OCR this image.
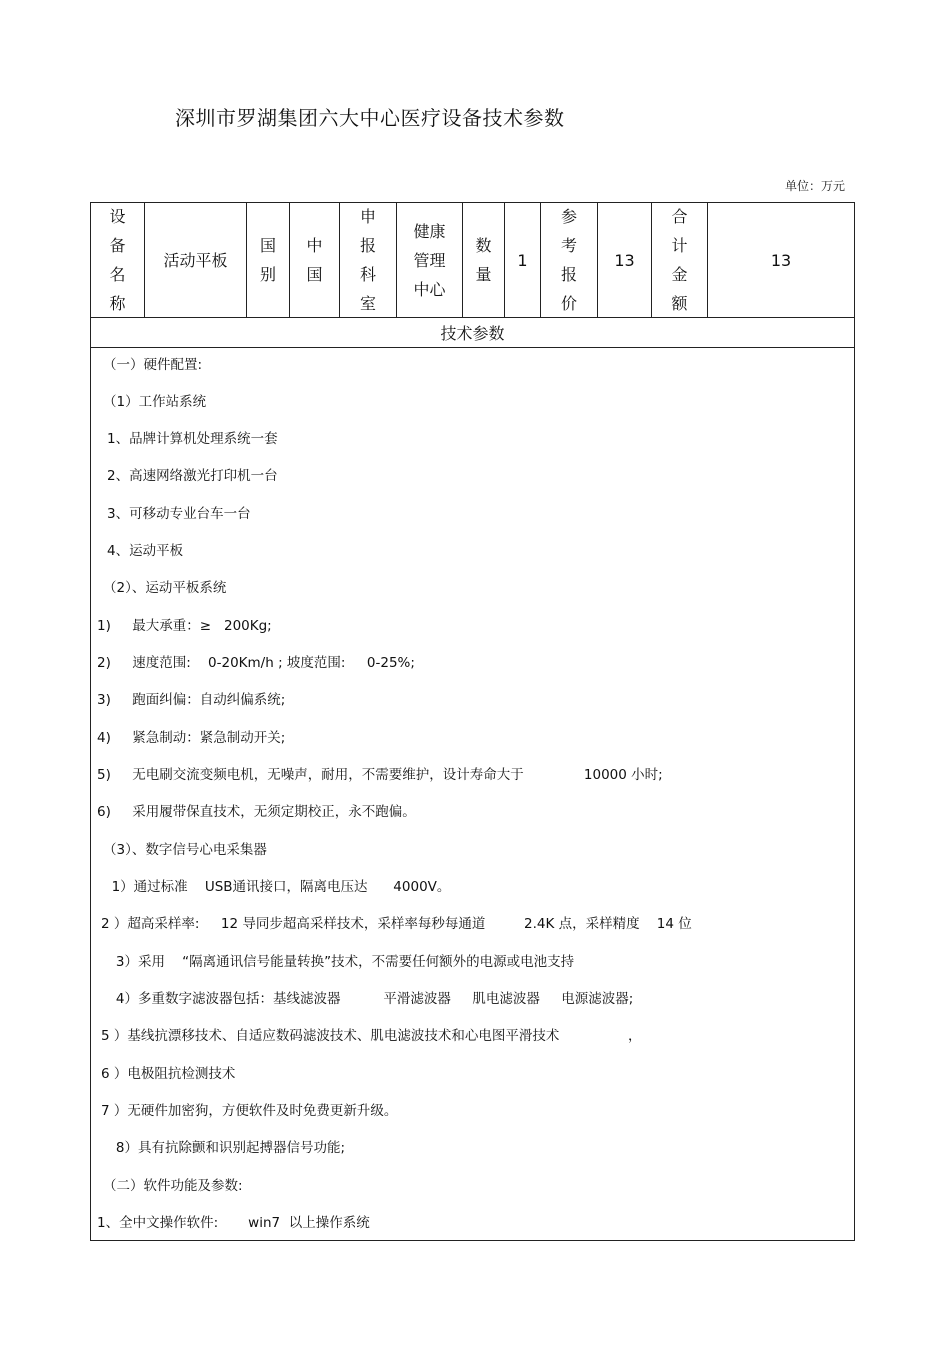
深圳市罗湖集团六大中心医疗设备技术参数
单位：万元
设备名称
活动平板
国别
中国
申报科室
健康管理中心
数量
1
参考报价
13
合计金额
13
技术参数
（一）硬件配置:
（1）工作站系统
1、品牌计算机处理系统一套
2、高速网络激光打印机一台
3、可移动专业台车一台
4、运动平板
（2）、运动平板系统
1)     最大承重：≥   200Kg;
2)     速度范围:    0-20Km/h ; 坡度范围:     0-25%;
3)     跑面纠偏：自动纠偏系统;
4)     紧急制动：紧急制动开关;
5)     无电刷交流变频电机，无噪声，耐用，不需要维护，设计寿命大于              10000 小时;
6)     采用履带保直技术，无须定期校正，永不跑偏。
（3）、数字信号心电采集器
1）通过标准    USB通讯接口，隔离电压达      4000V。
2 ）超高采样率:     12 导同步超高采样技术，采样率每秒每通道         2.4K 点，采样精度    14 位
3）采用    “隔离通讯信号能量转换”技术，不需要任何额外的电源或电池支持
4）多重数字滤波器包括：基线滤波器          平滑滤波器     肌电滤波器     电源滤波器;
5 ）基线抗漂移技术、自适应数码滤波技术、肌电滤波技术和心电图平滑技术                ，
6 ）电极阻抗检测技术
7 ）无硬件加密狗，方便软件及时免费更新升级。
8）具有抗除颤和识别起搏器信号功能;
（二）软件功能及参数:
1、全中文操作软件:       win7  以上操作系统
